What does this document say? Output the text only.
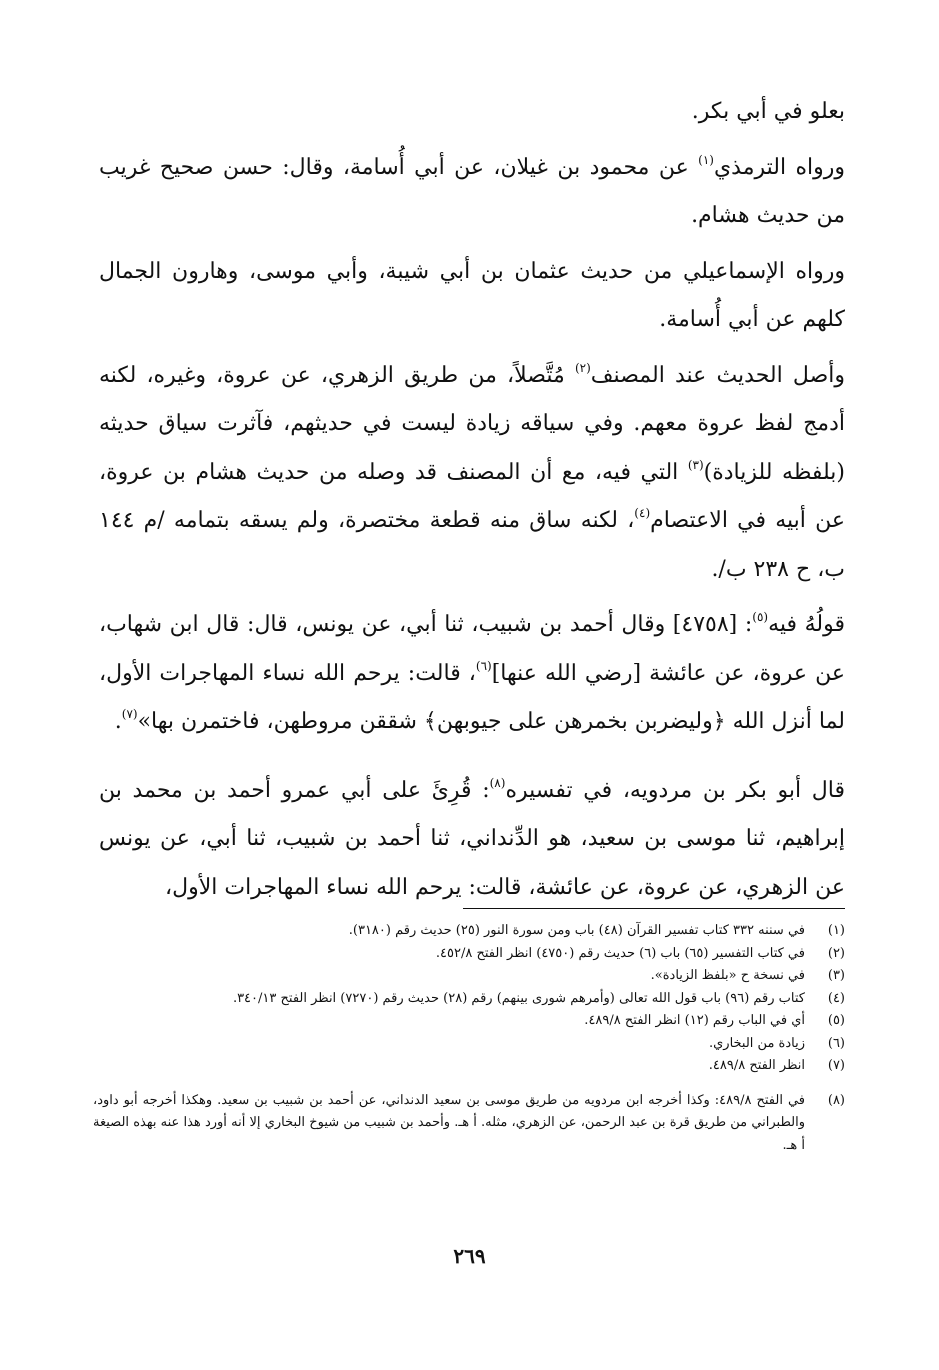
بعلو في أبي بكر.

ورواه الترمذي$^{(١)}$ عن محمود بن غيلان، عن أبي أُسامة، وقال: حسن صحيح غريب من حديث هشام.

ورواه الإسماعيلي من حديث عثمان بن أبي شيبة، وأبي موسى، وهارون الجمال كلهم عن أبي أُسامة.

وأصل الحديث عند المصنف$^{(٢)}$ مُتَّصلاً، من طريق الزهري، عن عروة، وغيره، لكنه أدمج لفظ عروة معهم. وفي سياقه زيادة ليست في حديثهم، فآثرت سياق حديثه (بلفظه للزيادة)$^{(٣)}$ التي فيه، مع أن المصنف قد وصله من حديث هشام بن عروة، عن أبيه في الاعتصام$^{(٤)}$، لكنه ساق منه قطعة مختصرة، ولم يسقه بتمامه /م ١٤٤ ب، ح ٢٣٨ ب/.

قولُهُ فيه$^{(٥)}$: [٤٧٥٨] وقال أحمد بن شبيب، ثنا أبي، عن يونس، قال: قال ابن شهاب، عن عروة، عن عائشة [رضي الله عنها]$^{(٦)}$، قالت: يرحم الله نساء المهاجرات الأول، لما أنزل الله ﴿وليضربن بخمرهن على جيوبهن﴾ شققن مروطهن، فاختمرن بها»$^{(٧)}$.

قال أبو بكر بن مردويه، في تفسيره$^{(٨)}$: قُرِئَ على أبي عمرو أحمد بن محمد بن إبراهيم، ثنا موسى بن سعيد، هو الدِّنداني، ثنا أحمد بن شبيب، ثنا أبي، عن يونس عن الزهري، عن عروة، عن عائشة، قالت: يرحم الله نساء المهاجرات الأول،

(١)
في سننه ٣٣٢ كتاب تفسير القرآن (٤٨) باب ومن سورة النور (٢٥) حديث رقم (٣١٨٠).
(٢)
في كتاب التفسير (٦٥) باب (٦) حديث رقم (٤٧٥٠) انظر الفتح ٤٥٢/٨.
(٣)
في نسخة ح «بلفظ الزيادة».
(٤)
كتاب رقم (٩٦) باب قول الله تعالى (وأمرهم شورى بينهم) رقم (٢٨) حديث رقم (٧٢٧٠) انظر الفتح ٣٤٠/١٣.
(٥)
أي في الباب رقم (١٢) انظر الفتح ٤٨٩/٨.
(٦)
زيادة من البخاري.
(٧)
انظر الفتح ٤٨٩/٨.
(٨)
في الفتح ٤٨٩/٨: وكذا أخرجه ابن مردويه من طريق موسى بن سعيد الدنداني، عن أحمد بن شبيب بن سعيد. وهكذا أخرجه أبو داود، والطبراني من طريق قرة بن عبد الرحمن، عن الزهري، مثله. أ هـ. وأحمد بن شبيب من شيوخ البخاري إلا أنه أورد هذا عنه بهذه الصيغة أ هـ.
٢٦٩
